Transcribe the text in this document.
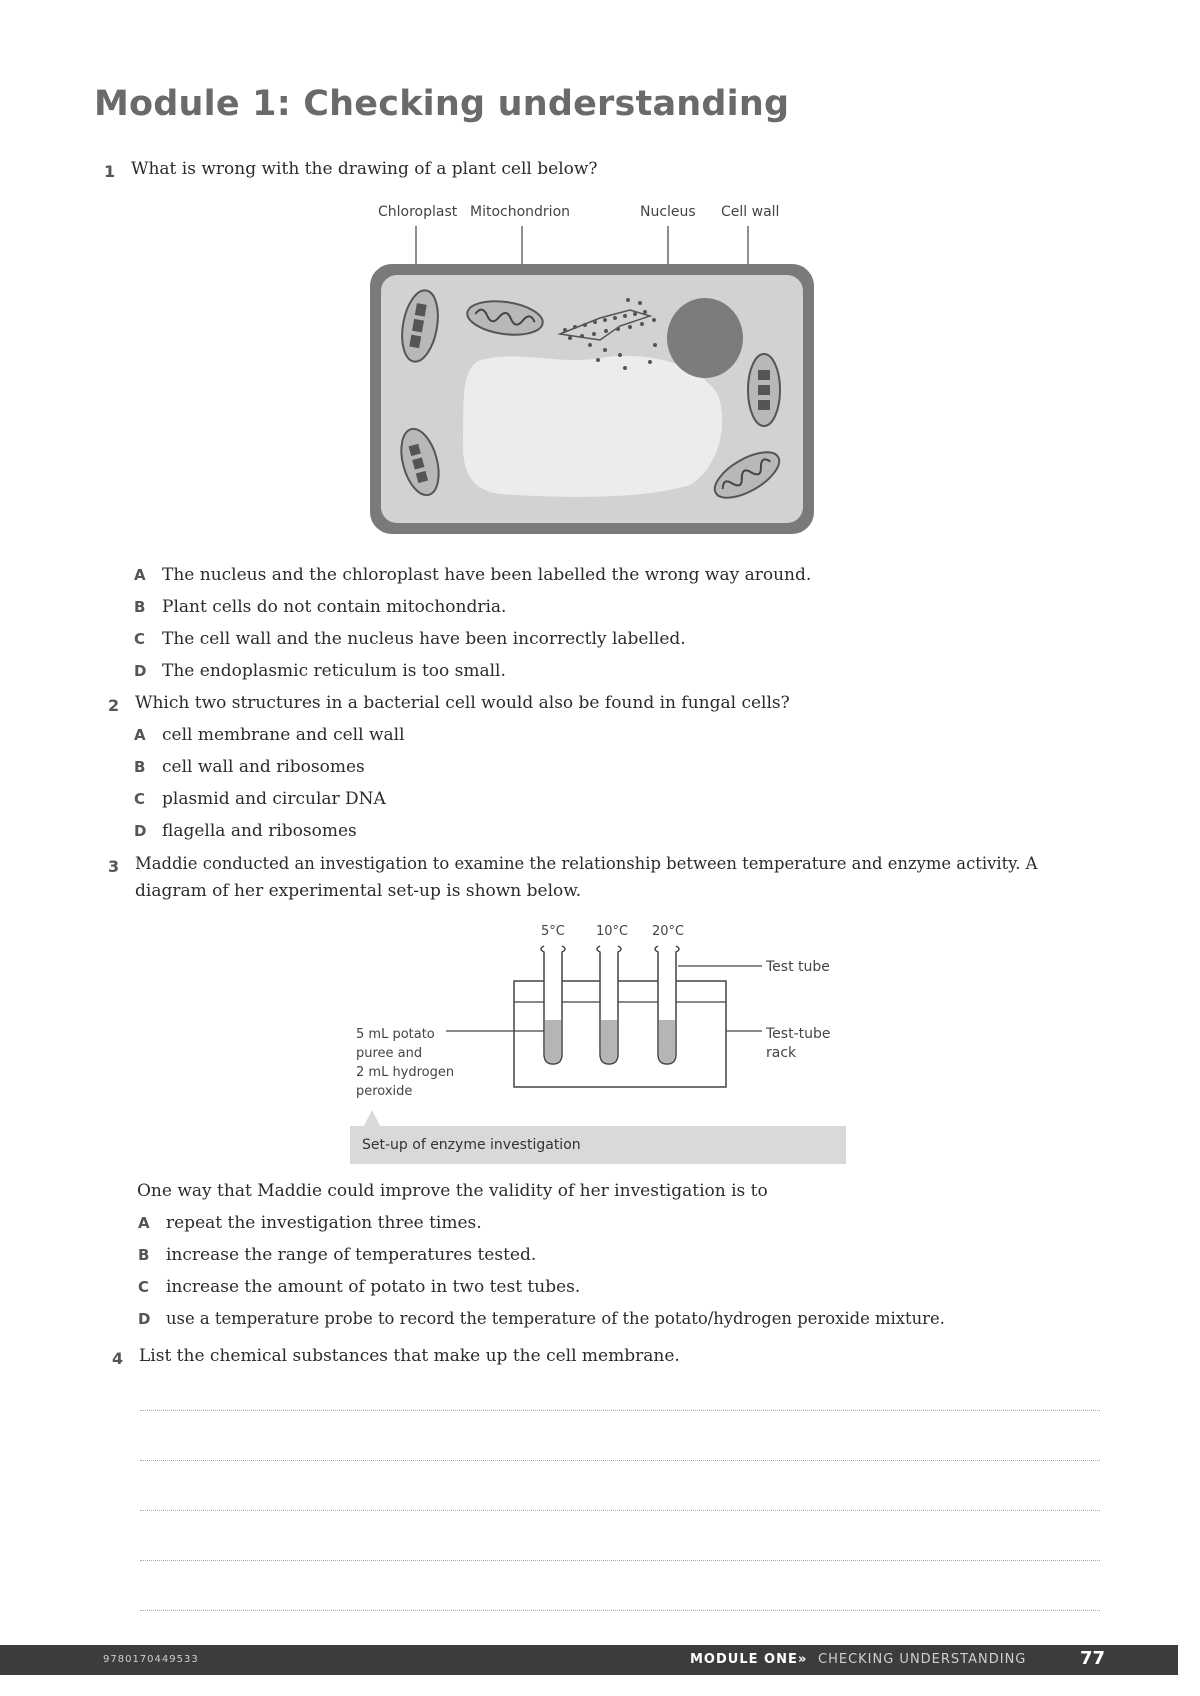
Module 1: Checking understanding
1 What is wrong with the drawing of a plant cell below?
Chloroplast Mitochondrion	Nucleus Cell wall
A The nucleus and the chloroplast have been labelled the wrong way around.
B Plant cells do not contain mitochondria.
C The cell wall and the nucleus have been incorrectly labelled.
D The endoplasmic reticulum is too small.
2 Which two structures in a bacterial cell would also be found in fungal cells?
A cell membrane and cell wall
B cell wall and ribosomes
C plasmid and circular DNA
D flagella and ribosomes
3 Maddie conducted an investigation to examine the relationship between temperature and enzyme activity. A
diagram of her experimental set-up is shown below.
5°C 10°C 20°C
Test tube
Test-tube
rack
5 mL potato
puree and
2 mL hydrogen
peroxide
Set-up of enzyme investigation
One way that Maddie could improve the validity of her investigation is to
A repeat the investigation three times.
B increase the range of temperatures tested.
C increase the amount of potato in two test tubes.
D use a temperature probe to record the temperature of the potato/hydrogen peroxide mixture.
4 List the chemical substances that make up the cell membrane.
9780170449533	MODULE ONE » CHECKING UNDERSTANDING	77
